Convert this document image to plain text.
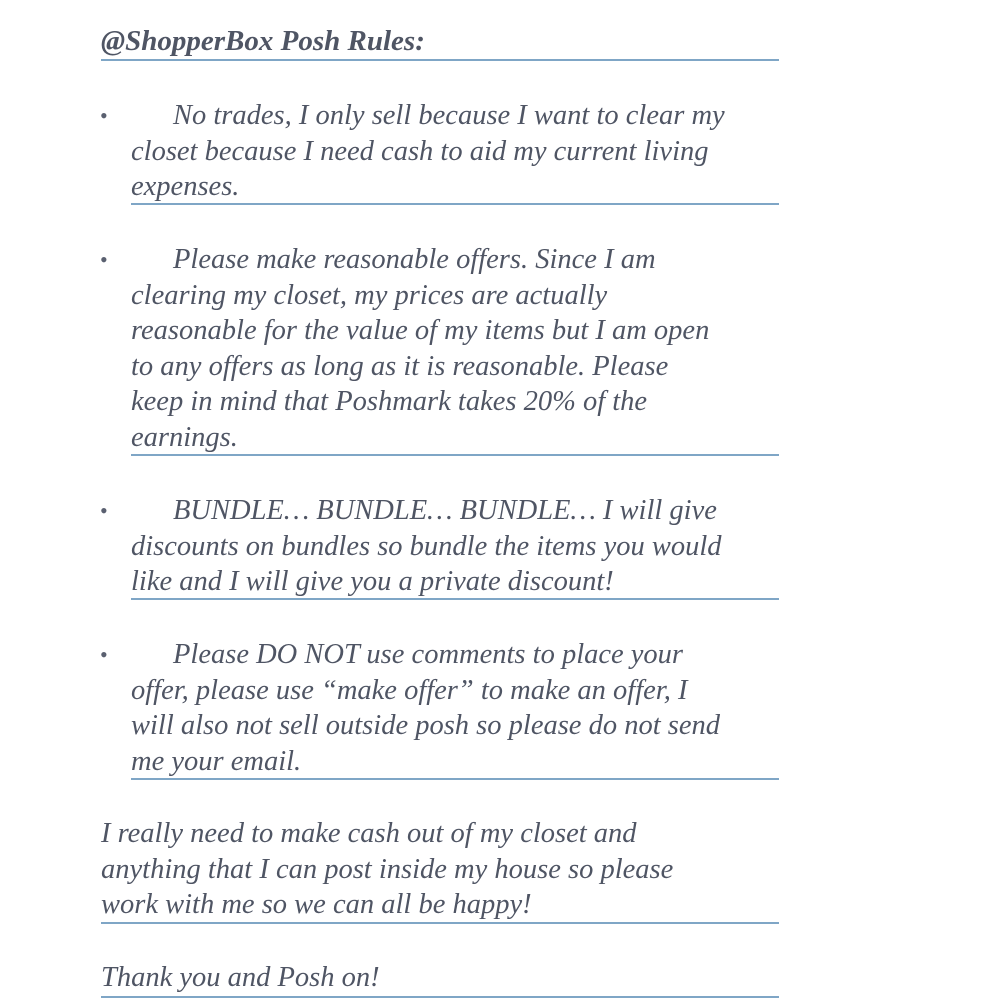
@ShopperBox Posh Rules:
•	No trades, I only sell because I want to clear my
closet because I need cash to aid my current living
expenses.
•	Please make reasonable offers. Since I am
clearing my closet, my prices are actually
reasonable for the value of my items but I am open
to any offers as long as it is reasonable. Please
keep in mind that Poshmark takes 20% of the
earnings.
•	BUNDLE… BUNDLE… BUNDLE… I will give
discounts on bundles so bundle the items you would
like and I will give you a private discount!
•	Please DO NOT use comments to place your
offer, please use “make offer” to make an offer, I
will also not sell outside posh so please do not send
me your email.
I really need to make cash out of my closet and
anything that I can post inside my house so please
work with me so we can all be happy!
Thank you and Posh on!
